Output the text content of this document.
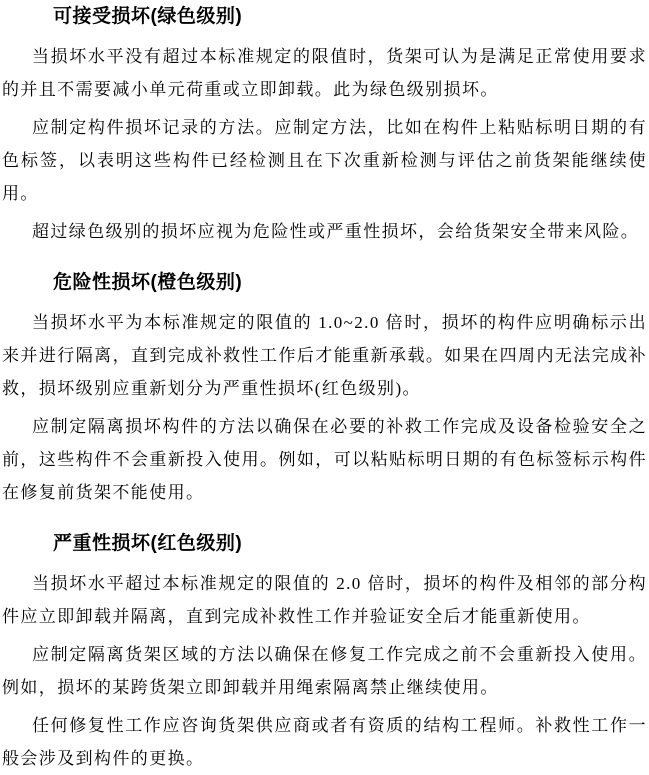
可接受损坏(绿色级别)

当损坏水平没有超过本标准规定的限值时，货架可认为是满足正常使用要求的并且不需要减小单元荷重或立即卸载。此为绿色级别损坏。

应制定构件损坏记录的方法。应制定方法，比如在构件上粘贴标明日期的有色标签，以表明这些构件已经检测且在下次重新检测与评估之前货架能继续使用。

超过绿色级别的损坏应视为危险性或严重性损坏，会给货架安全带来风险。

危险性损坏(橙色级别)

当损坏水平为本标准规定的限值的 1.0~2.0 倍时，损坏的构件应明确标示出来并进行隔离，直到完成补救性工作后才能重新承载。如果在四周内无法完成补救，损坏级别应重新划分为严重性损坏(红色级别)。

应制定隔离损坏构件的方法以确保在必要的补救工作完成及设备检验安全之前，这些构件不会重新投入使用。例如，可以粘贴标明日期的有色标签标示构件在修复前货架不能使用。

严重性损坏(红色级别)

当损坏水平超过本标准规定的限值的 2.0 倍时，损坏的构件及相邻的部分构件应立即卸载并隔离，直到完成补救性工作并验证安全后才能重新使用。

应制定隔离货架区域的方法以确保在修复工作完成之前不会重新投入使用。例如，损坏的某跨货架立即卸载并用绳索隔离禁止继续使用。

任何修复性工作应咨询货架供应商或者有资质的结构工程师。补救性工作一般会涉及到构件的更换。
